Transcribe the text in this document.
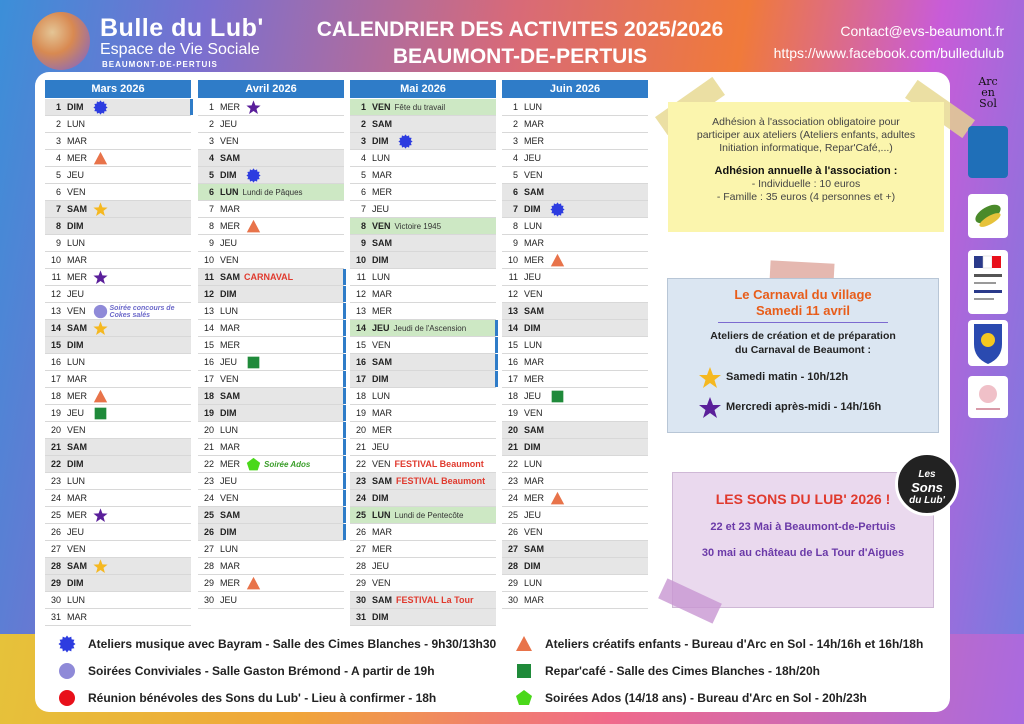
Bulle du Lub'
Espace de Vie Sociale
BEAUMONT-DE-PERTUIS
CALENDRIER DES ACTIVITES 2025/2026
BEAUMONT-DE-PERTUIS
Contact@evs-beaumont.fr
https://www.facebook.com/bulledulub
Mars 2026
1 DIM
2 LUN
3 MAR
4 MER
5 JEU
6 VEN
7 SAM
8 DIM
9 LUN
10 MAR
11 MER
12 JEU
13 VEN	Soirée concours de Cokes salés
14 SAM
15 DIM
16 LUN
17 MAR
18 MER
19 JEU
20 VEN
21 SAM
22 DIM
23 LUN
24 MAR
25 MER
26 JEU
27 VEN
28 SAM
29 DIM
30 LUN
31 MAR
Avril 2026
1 MER
2 JEU
3 VEN
4 SAM
5 DIM
6 LUN Lundi de Pâques
7 MAR
8 MER
9 JEU
10 VEN
11 SAM CARNAVAL
12 DIM
13 LUN
14 MAR
15 MER
16 JEU
17 VEN
18 SAM
19 DIM
20 LUN
21 MAR
22 MER	Soirée Ados
23 JEU
24 VEN
25 SAM
26 DIM
27 LUN
28 MAR
29 MER
30 JEU
Mai 2026
1 VEN Fête du travail
2 SAM
3 DIM
4 LUN
5 MAR
6 MER
7 JEU
8 VEN Victoire 1945
9 SAM
10 DIM
11 LUN
12 MAR
13 MER
14 JEU Jeudi de l'Ascension
15 VEN
16 SAM
17 DIM
18 LUN
19 MAR
20 MER
21 JEU
22 VEN FESTIVAL Beaumont
23 SAM FESTIVAL Beaumont
24 DIM
25 LUN Lundi de Pentecôte
26 MAR
27 MER
28 JEU
29 VEN
30 SAM FESTIVAL La Tour
31 DIM
Juin 2026
1 LUN
2 MAR
3 MER
4 JEU
5 VEN
6 SAM
7 DIM
8 LUN
9 MAR
10 MER
11 JEU
12 VEN
13 SAM
14 DIM
15 LUN
16 MAR
17 MER
18 JEU
19 VEN
20 SAM
21 DIM
22 LUN
23 MAR
24 MER
25 JEU
26 VEN
27 SAM
28 DIM
29 LUN
30 MAR
Adhésion à l'association obligatoire pour
participer aux ateliers (Ateliers enfants, adultes
Initiation informatique, Repar'Café,...)
Adhésion annuelle à l'association :
- Individuelle : 10 euros
- Famille : 35 euros (4 personnes et +)
Le Carnaval du village
Samedi 11 avril
Ateliers de création et de préparation
du Carnaval de Beaumont :
Samedi matin - 10h/12h
Mercredi après-midi - 14h/16h
LES SONS DU LUB' 2026 !
22 et 23 Mai à Beaumont-de-Pertuis
30 mai au château de La Tour d'Aigues
Les
Sons
du Lub'
Arc
en
Sol
Ateliers musique avec Bayram - Salle des Cimes Blanches - 9h30/13h30
Soirées Conviviales - Salle Gaston Brémond - A partir de 19h
Réunion bénévoles des Sons du Lub' - Lieu à confirmer - 18h
Ateliers créatifs enfants - Bureau d'Arc en Sol - 14h/16h et 16h/18h
Repar'café - Salle des Cimes Blanches - 18h/20h
Soirées Ados (14/18 ans) - Bureau d'Arc en Sol - 20h/23h
